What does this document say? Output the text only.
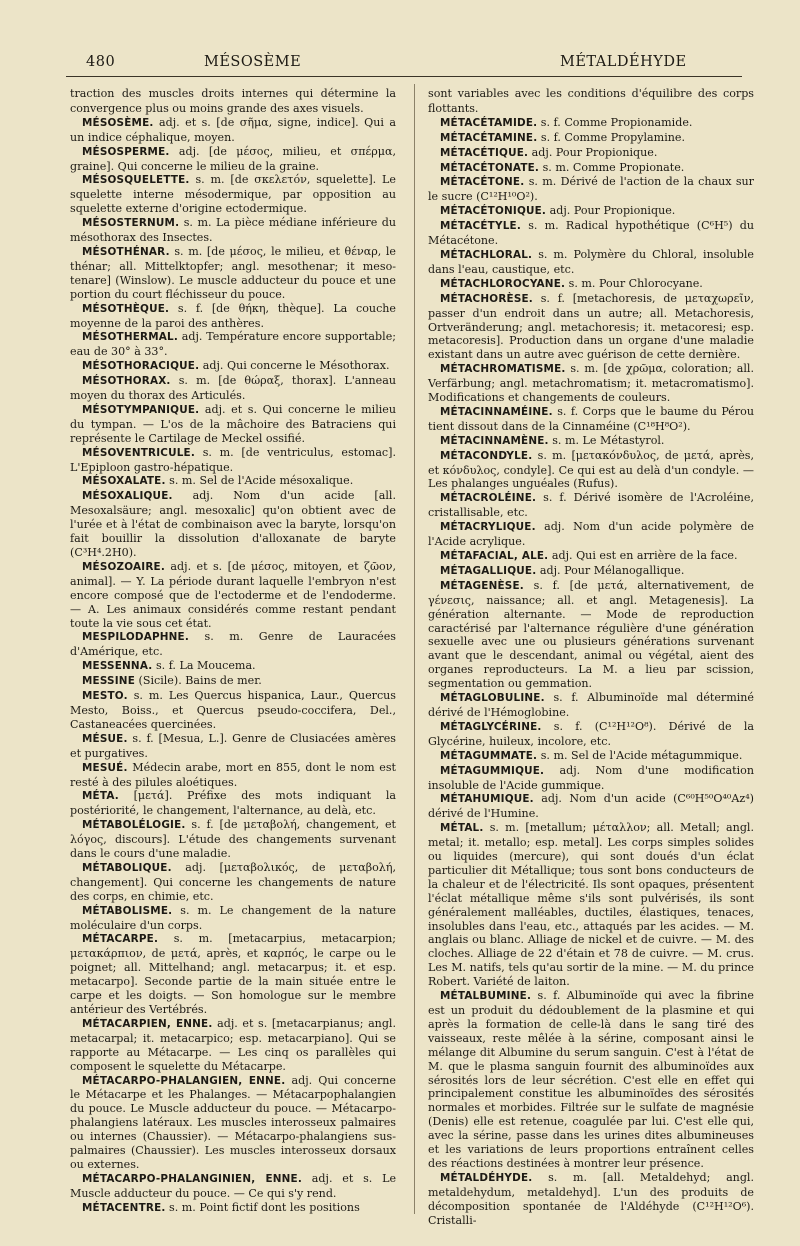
480	MÉSOSÈME	MÉTALDÉHYDE

traction des muscles droits internes qui détermine la convergence plus ou moins grande des axes visuels.

MÉSOSÈME. adj. et s. [de σῆμα, signe, indice]. Qui a un indice céphalique, moyen.

MÉSOSPERME. adj. [de μέσος, milieu, et σπέρμα, graine]. Qui concerne le milieu de la graine.

MÉSOSQUELETTE. s. m. [de σκελετόν, squelette]. Le squelette interne mésodermique, par opposition au squelette externe d'origine ectodermique.

MÉSOSTERNUM. s. m. La pièce médiane inférieure du mésothorax des Insectes.

MÉSOTHÉNAR. s. m. [de μέσος, le milieu, et θέναρ, le thénar; all. Mittelktopfer; angl. mesothenar; it meso-tenare] (Winslow). Le muscle adducteur du pouce et une portion du court fléchisseur du pouce.

MÉSOTHÈQUE. s. f. [de θήκη, thèque]. La couche moyenne de la paroi des anthères.

MÉSOTHERMAL. adj. Température encore supportable; eau de 30° à 33°.

MÉSOTHORACIQUE. adj. Qui concerne le Mésothorax.

MÉSOTHORAX. s. m. [de θώραξ, thorax]. L'anneau moyen du thorax des Articulés.

MÉSOTYMPANIQUE. adj. et s. Qui concerne le milieu du tympan. — L'os de la mâchoire des Batraciens qui représente le Cartilage de Meckel ossifié.

MÉSOVENTRICULE. s. m. [de ventriculus, estomac]. L'Epiploon gastro-hépatique.

MÉSOXALATE. s. m. Sel de l'Acide mésoxalique.

MÉSOXALIQUE. adj. Nom d'un acide [all. Mesoxalsäure; angl. mesoxalic] qu'on obtient avec de l'urée et à l'état de combinaison avec la baryte, lorsqu'on fait bouillir la dissolution d'alloxanate de baryte (C³H⁴.2H0).

MÉSOZOAIRE. adj. et s. [de μέσος, mitoyen, et ζῶον, animal]. — Y. La période durant laquelle l'embryon n'est encore composé que de l'ectoderme et de l'endoderme. — A. Les animaux considérés comme restant pendant toute la vie sous cet état.

MESPILODAPHNE. s. m. Genre de Lauracées d'Amérique, etc.

MESSENNA. s. f. La Moucema.

MESSINE (Sicile). Bains de mer.

MESTO. s. m. Les Quercus hispanica, Laur., Quercus Mesto, Boiss., et Quercus pseudo-coccifera, Del., Castaneacées quercinées.

MÉSUE. s. f. [Mesua, L.]. Genre de Clusiacées amères et purgatives.

MESUÉ. Médecin arabe, mort en 855, dont le nom est resté à des pilules aloétiques.

MÉTA. [μετά]. Préfixe des mots indiquant la postériorité, le changement, l'alternance, au delà, etc.

MÉTABOLÉLOGIE. s. f. [de μεταβολή, changement, et λόγος, discours]. L'étude des changements survenant dans le cours d'une maladie.

MÉTABOLIQUE. adj. [μεταβολικός, de μεταβολή, changement]. Qui concerne les changements de nature des corps, en chimie, etc.

MÉTABOLISME. s. m. Le changement de la nature moléculaire d'un corps.

MÉTACARPE. s. m. [metacarpius, metacarpion; μετακάρπιον, de μετά, après, et καρπός, le carpe ou le poignet; all. Mittelhand; angl. metacarpus; it. et esp. metacarpo]. Seconde partie de la main située entre le carpe et les doigts. — Son homologue sur le membre antérieur des Vertébrés.

MÉTACARPIEN, ENNE. adj. et s. [metacarpianus; angl. metacarpal; it. metacarpico; esp. metacarpiano]. Qui se rapporte au Métacarpe. — Les cinq os parallèles qui composent le squelette du Métacarpe.

MÉTACARPO-PHALANGIEN, ENNE. adj. Qui concerne le Métacarpe et les Phalanges. — Métacarpophalangien du pouce. Le Muscle adducteur du pouce. — Métacarpo-phalangiens latéraux. Les muscles interosseux palmaires ou internes (Chaussier). — Métacarpo-phalangiens sus-palmaires (Chaussier). Les muscles interosseux dorsaux ou externes.

MÉTACARPO-PHALANGINIEN, ENNE. adj. et s. Le Muscle adducteur du pouce. — Ce qui s'y rend.

MÉTACENTRE. s. m. Point fictif dont les positions

sont variables avec les conditions d'équilibre des corps flottants.

MÉTACÉTAMIDE. s. f. Comme Propionamide.

MÉTACÉTAMINE. s. f. Comme Propylamine.

MÉTACÉTIQUE. adj. Pour Propionique.

MÉTACÉTONATE. s. m. Comme Propionate.

MÉTACÉTONE. s. m. Dérivé de l'action de la chaux sur le sucre (C¹²H¹⁰O²).

MÉTACÉTONIQUE. adj. Pour Propionique.

MÉTACÉTYLE. s. m. Radical hypothétique (C⁶H⁵) du Métacétone.

MÉTACHLORAL. s. m. Polymère du Chloral, insoluble dans l'eau, caustique, etc.

MÉTACHLOROCYANE. s. m. Pour Chlorocyane.

MÉTACHORÈSE. s. f. [metachoresis, de μεταχωρεῖν, passer d'un endroit dans un autre; all. Metachoresis, Ortveränderung; angl. metachoresis; it. metacoresi; esp. metacoresis]. Production dans un organe d'une maladie existant dans un autre avec guérison de cette dernière.

MÉTACHROMATISME. s. m. [de χρῶμα, coloration; all. Verfärbung; angl. metachromatism; it. metacromatismo]. Modifications et changements de couleurs.

MÉTACINNAMÉINE. s. f. Corps que le baume du Pérou tient dissout dans de la Cinnaméine (C¹⁸H⁸O²).

MÉTACINNAMÈNE. s. m. Le Métastyrol.

MÉTACONDYLE. s. m. [μετακόνδυλος, de μετά, après, et κόνδυλος, condyle]. Ce qui est au delà d'un condyle. — Les phalanges unguéales (Rufus).

MÉTACROLÉINE. s. f. Dérivé isomère de l'Acroléine, cristallisable, etc.

MÉTACRYLIQUE. adj. Nom d'un acide polymère de l'Acide acrylique.

MÉTAFACIAL, ALE. adj. Qui est en arrière de la face.

MÉTAGALLIQUE. adj. Pour Mélanogallique.

MÉTAGENÈSE. s. f. [de μετά, alternativement, de γένεσις, naissance; all. et angl. Metagenesis]. La génération alternante. — Mode de reproduction caractérisé par l'alternance régulière d'une génération sexuelle avec une ou plusieurs générations survenant avant que le descendant, animal ou végétal, aient des organes reproducteurs. La M. a lieu par scission, segmentation ou gemmation.

MÉTAGLOBULINE. s. f. Albuminoïde mal déterminé dérivé de l'Hémoglobine.

MÉTAGLYCÉRINE. s. f. (C¹²H¹²O⁸). Dérivé de la Glycérine, huileux, incolore, etc.

MÉTAGUMMATE. s. m. Sel de l'Acide métagummique.

MÉTAGUMMIQUE. adj. Nom d'une modification insoluble de l'Acide gummique.

MÉTAHUMIQUE. adj. Nom d'un acide (C⁶⁰H⁵⁰O⁴⁰Az⁴) dérivé de l'Humine.

MÉTAL. s. m. [metallum; μέταλλον; all. Metall; angl. metal; it. metallo; esp. metal]. Les corps simples solides ou liquides (mercure), qui sont doués d'un éclat particulier dit Métallique; tous sont bons conducteurs de la chaleur et de l'électricité. Ils sont opaques, présentent l'éclat métallique même s'ils sont pulvérisés, ils sont généralement malléables, ductiles, élastiques, tenaces, insolubles dans l'eau, etc., attaqués par les acides. — M. anglais ou blanc. Alliage de nickel et de cuivre. — M. des cloches. Alliage de 22 d'étain et 78 de cuivre. — M. crus. Les M. natifs, tels qu'au sortir de la mine. — M. du prince Robert. Variété de laiton.

MÉTALBUMINE. s. f. Albuminoïde qui avec la fibrine est un produit du dédoublement de la plasmine et qui après la formation de celle-là dans le sang tiré des vaisseaux, reste mêlée à la sérine, composant ainsi le mélange dit Albumine du serum sanguin. C'est à l'état de M. que le plasma sanguin fournit des albuminoïdes aux sérosités lors de leur sécrétion. C'est elle en effet qui principalement constitue les albuminoïdes des sérosités normales et morbides. Filtrée sur le sulfate de magnésie (Denis) elle est retenue, coagulée par lui. C'est elle qui, avec la sérine, passe dans les urines dites albumineuses et les variations de leurs proportions entraînent celles des réactions destinées à montrer leur présence.

MÉTALDÉHYDE. s. m. [all. Metaldehyd; angl. metaldehydum, metaldehyd]. L'un des produits de décomposition spontanée de l'Aldéhyde (C¹²H¹²O⁶). Cristalli-
